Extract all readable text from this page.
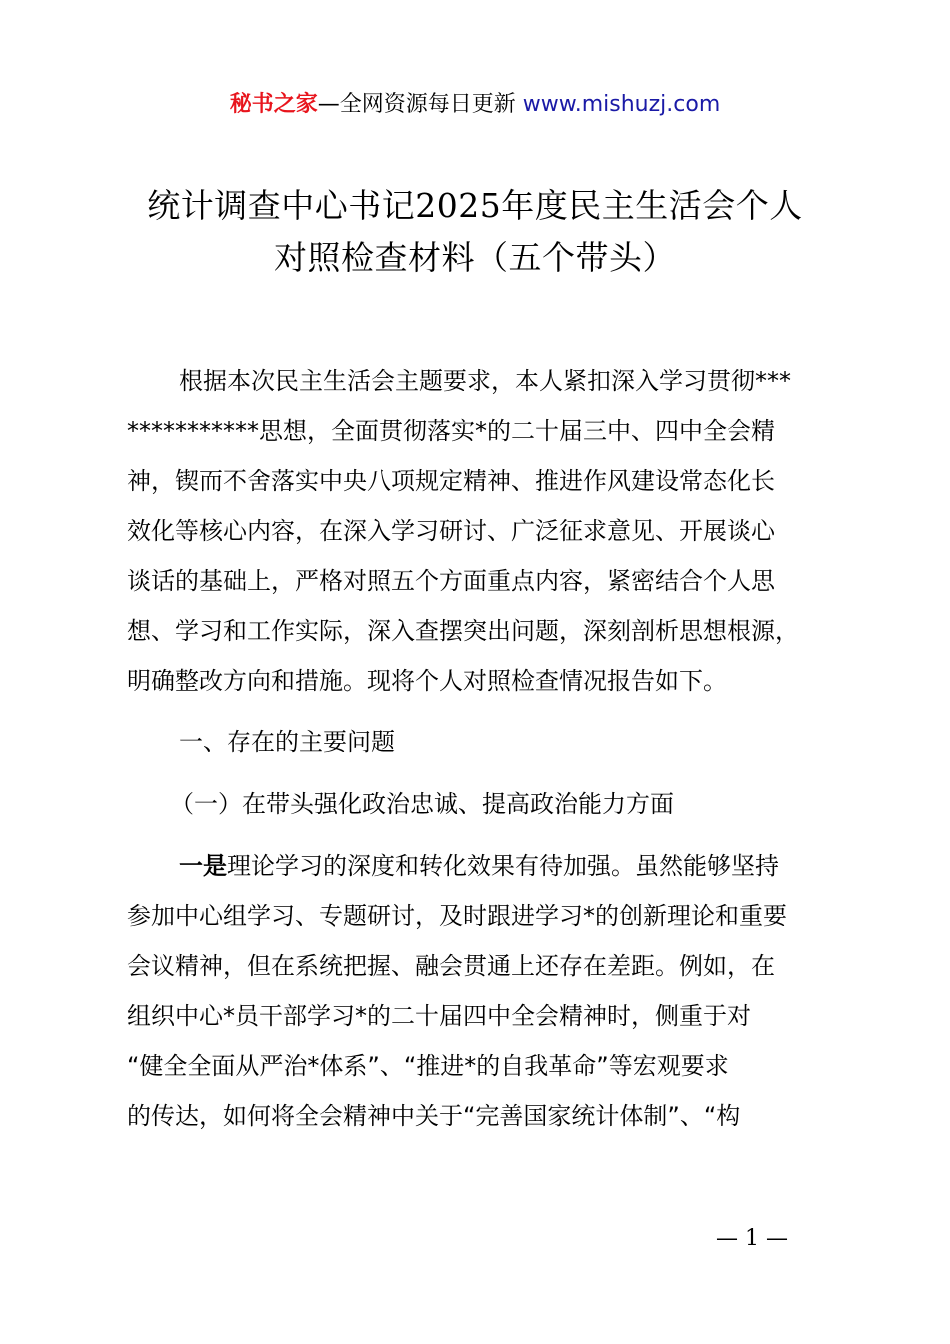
秘书之家—全网资源每日更新 www.mishuzj.com
统计调查中心书记2025年度民主生活会个人
对照检查材料（五个带头）
根据本次民主生活会主题要求，本人紧扣深入学习贯彻***
***********思想，全面贯彻落实*的二十届三中、四中全会精
神，锲而不舍落实中央八项规定精神、推进作风建设常态化长
效化等核心内容，在深入学习研讨、广泛征求意见、开展谈心
谈话的基础上，严格对照五个方面重点内容，紧密结合个人思
想、学习和工作实际，深入查摆突出问题，深刻剖析思想根源，
明确整改方向和措施。现将个人对照检查情况报告如下。
一、存在的主要问题
（一）在带头强化政治忠诚、提高政治能力方面
一是理论学习的深度和转化效果有待加强。虽然能够坚持
参加中心组学习、专题研讨，及时跟进学习*的创新理论和重要
会议精神，但在系统把握、融会贯通上还存在差距。例如，在
组织中心*员干部学习*的二十届四中全会精神时，侧重于对
“健全全面从严治*体系”、“推进*的自我革命”等宏观要求
的传达，如何将全会精神中关于“完善国家统计体制”、“构
— 1 —
